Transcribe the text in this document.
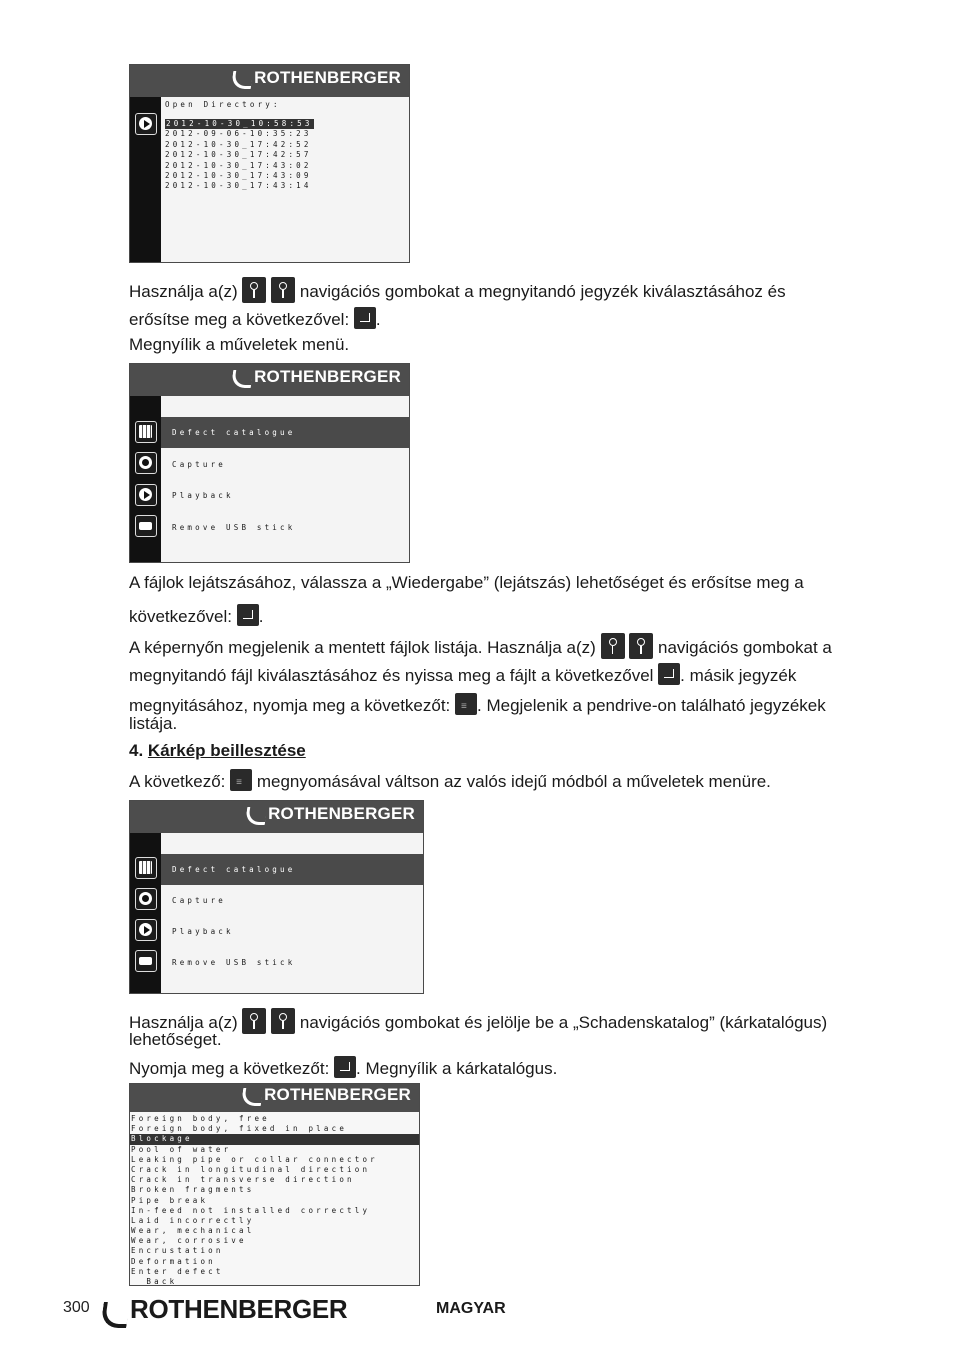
ROTHENBERGER
Open Directory:
2012-10-30_10:58:53
2012-09-06-10:35:23
2012-10-30_17:42:52
2012-10-30_17:42:57
2012-10-30_17:43:02
2012-10-30_17:43:09
2012-10-30_17:43:14
Használja a(z)	navigációs gombokat a megnyitandó jegyzék kiválasztásához és
erősítse meg a következővel: .
Megnyílik a műveletek menü.
ROTHENBERGER
Defect catalogue
Capture
Playback
Remove USB stick
A fájlok lejátszásához, válassza a „Wiedergabe” (lejátszás) lehetőséget és erősítse meg a
következővel: .
A képernyőn megjelenik a mentett fájlok listája. Használja a(z)	navigációs gombokat a
megnyitandó fájl kiválasztásához és nyissa meg a fájlt a következővel . másik jegyzék
megnyitásához, nyomja meg a következőt: ≡ . Megjelenik a pendrive-on található jegyzékek
listája.
4. Kárkép beillesztése
A következő: ≡ megnyomásával váltson az valós idejű módból a műveletek menüre.
ROTHENBERGER
Defect catalogue
Capture
Playback
Remove USB stick
Használja a(z)	navigációs gombokat és jelölje be a „Schadenskatalog” (kárkatalógus)
lehetőséget.
Nyomja meg a következőt: . Megnyílik a kárkatalógus.
ROTHENBERGER
Foreign body, free
Foreign body, fixed in place
Blockage
Pool of water
Leaking pipe or collar connector
Crack in longitudinal direction
Crack in transverse direction
Broken fragments
Pipe break
In-feed not installed correctly
Laid incorrectly
Wear, mechanical
Wear, corrosive
Encrustation
Deformation
Enter defect
Back
300	ROTHENBERGER	MAGYAR
